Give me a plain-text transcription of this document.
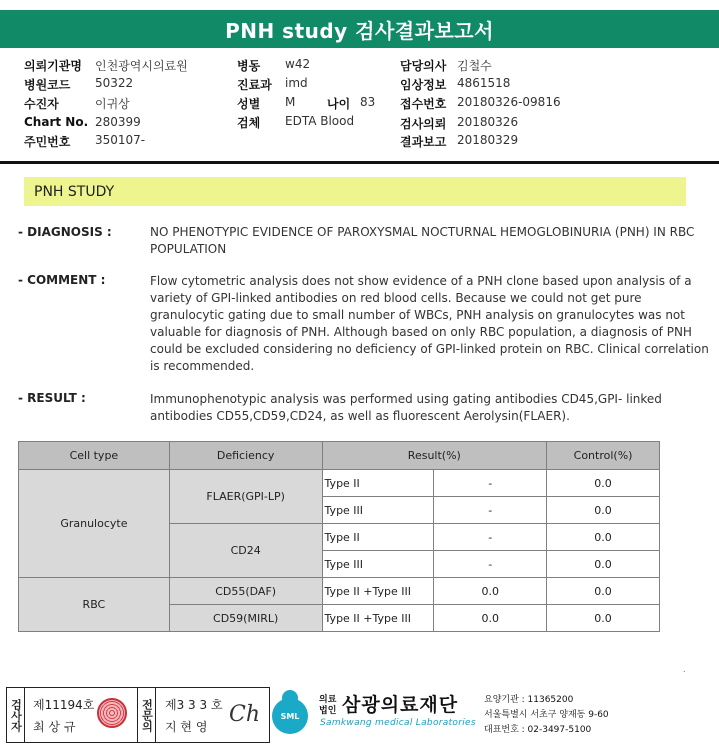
PNH study 검사결과보고서
의뢰기관명 인천광역시의료원
병원코드 50322
수진자	이귀상
Chart No. 280399
주민번호 350107-
병동 w42
진료과 imd
성별 M	나이 83
검체 EDTA Blood
담당의사 김철수
임상정보 4861518
접수번호 20180326-09816
검사의뢰 20180326
결과보고 20180329
PNH STUDY
- DIAGNOSIS :	NO PHENOTYPIC EVIDENCE OF PAROXYSMAL NOCTURNAL HEMOGLOBINURIA (PNH) IN RBC POPULATION
- COMMENT :	Flow cytometric analysis does not show evidence of a PNH clone based upon analysis of a variety of GPI-linked antibodies on red blood cells. Because we could not get pure granulocytic gating due to small number of WBCs, PNH analysis on granulocytes was not valuable for diagnosis of PNH. Although based on only RBC population, a diagnosis of PNH could be excluded considering no deficiency of GPI-linked protein on RBC. Clinical correlation is recommended.
- RESULT :	Immunophenotypic analysis was performed using gating antibodies CD45,GPI- linked antibodies CD55,CD59,CD24, as well as fluorescent Aerolysin(FLAER).
Cell type	Deficiency	Result(%)		Control(%)
Granulocyte	FLAER(GPI-LP)	Type II	-	0.0
		Type III	-	0.0
	CD24	Type II	-	0.0
		Type III	-	0.0
RBC	CD55(DAF)	Type II +Type III	0.0	0.0
	CD59(MIRL)	Type II +Type III	0.0	0.0
.
검사자 제11194호
최 상 규	전문의 제3 3 3 호
지 현 영 Ch	SML
의료
법인 삼광의료재단
Samkwang medical Laboratories
요양기관 : 11365200
서울특별시 서초구 양재동 9-60
대표번호 : 02-3497-5100
